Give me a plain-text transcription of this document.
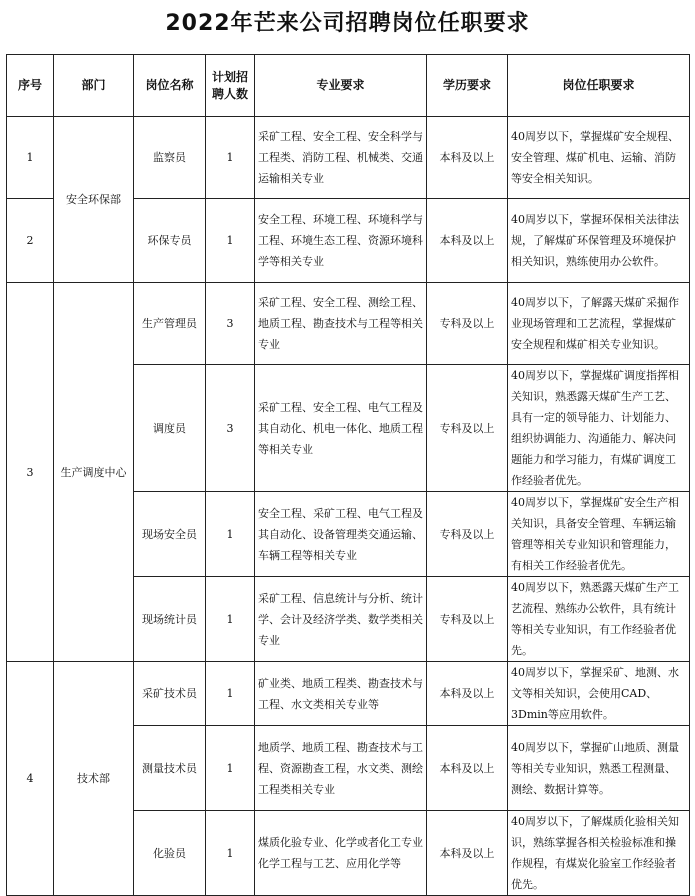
2022年芒来公司招聘岗位任职要求
序号	部门	岗位名称	计划招
聘人数	专业要求	学历要求	岗位任职要求
1	安全环保部	监察员	1	采矿工程、安全工程、安全科学与工程类、消防工程、机械类、交通运输相关专业	本科及以上	40周岁以下，掌握煤矿安全规程、安全管理、煤矿机电、运输、消防等安全相关知识。
2		环保专员	1	安全工程、环境工程、环境科学与工程、环境生态工程、资源环境科学等相关专业	本科及以上	40周岁以下，掌握环保相关法律法规，了解煤矿环保管理及环境保护相关知识，熟练使用办公软件。
3	生产调度中心	生产管理员	3	采矿工程、安全工程、测绘工程、地质工程、勘查技术与工程等相关专业	专科及以上	40周岁以下，了解露天煤矿采掘作业现场管理和工艺流程，掌握煤矿安全规程和煤矿相关专业知识。
		调度员	3	采矿工程、安全工程、电气工程及其自动化、机电一体化、地质工程等相关专业	专科及以上	40周岁以下，掌握煤矿调度指挥相关知识，熟悉露天煤矿生产工艺、具有一定的领导能力、计划能力、组织协调能力、沟通能力、解决问题能力和学习能力，有煤矿调度工作经验者优先。
		现场安全员	1	安全工程、采矿工程、电气工程及其自动化、设备管理类交通运输、车辆工程等相关专业	专科及以上	40周岁以下，掌握煤矿安全生产相关知识，具备安全管理、车辆运输管理等相关专业知识和管理能力，有相关工作经验者优先。
		现场统计员	1	采矿工程、信息统计与分析、统计学、会计及经济学类、数学类相关专业	专科及以上	40周岁以下，熟悉露天煤矿生产工艺流程、熟练办公软件，具有统计等相关专业知识，有工作经验者优先。
4	技术部	采矿技术员	1	矿业类、地质工程类、勘查技术与工程、水文类相关专业等	本科及以上	40周岁以下，掌握采矿、地测、水文等相关知识，会使用CAD、3Dmin等应用软件。
		测量技术员	1	地质学、地质工程、勘查技术与工程、资源勘查工程，水文类、测绘工程类相关专业	本科及以上	40周岁以下，掌握矿山地质、测量等相关专业知识，熟悉工程测量、测绘、数据计算等。
		化验员	1	煤质化验专业、化学或者化工专业化学工程与工艺、应用化学等	本科及以上	40周岁以下，了解煤质化验相关知识，熟练掌握各相关检验标准和操作规程，有煤炭化验室工作经验者优先。
